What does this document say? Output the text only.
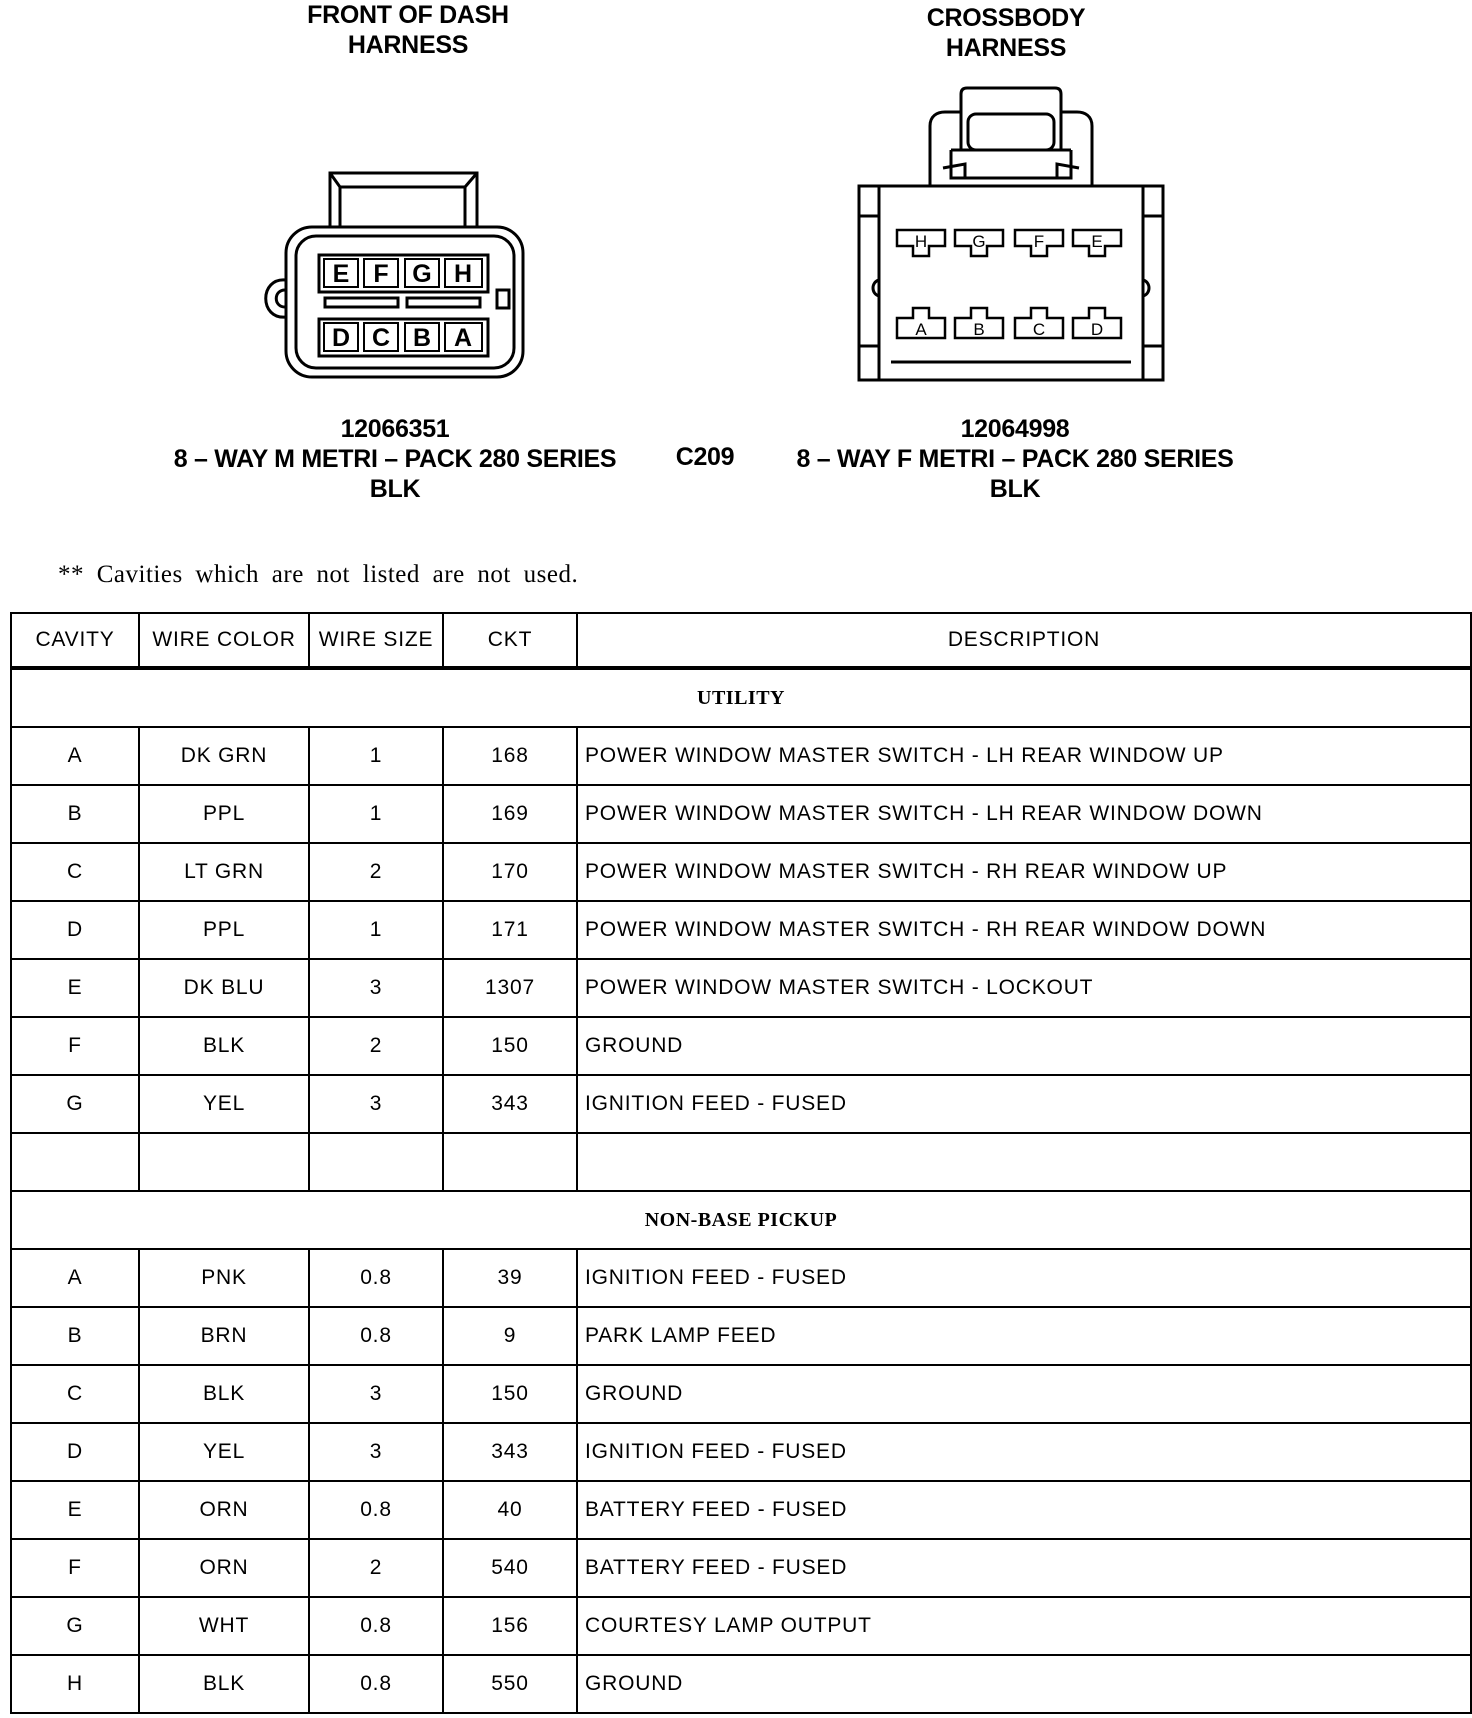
FRONT OF DASH
HARNESS
CROSSBODY
HARNESS
E F G H
D C B A
H	G	F	E
A	B	C	D
12066351
8 – WAY M METRI – PACK 280 SERIES
BLK
C209
12064998
8 – WAY F METRI – PACK 280 SERIES
BLK
** Cavities which are not listed are not used.
CAVITY	WIRE COLOR	WIRE SIZE	CKT	DESCRIPTION
UTILITY				
A	DK GRN	1	168	POWER WINDOW MASTER SWITCH - LH REAR WINDOW UP
B	PPL	1	169	POWER WINDOW MASTER SWITCH - LH REAR WINDOW DOWN
C	LT GRN	2	170	POWER WINDOW MASTER SWITCH - RH REAR WINDOW UP
D	PPL	1	171	POWER WINDOW MASTER SWITCH - RH REAR WINDOW DOWN
E	DK BLU	3	1307	POWER WINDOW MASTER SWITCH - LOCKOUT
F	BLK	2	150	GROUND
G	YEL	3	343	IGNITION FEED - FUSED

NON-BASE PICKUP				
A	PNK	0.8	39	IGNITION FEED - FUSED
B	BRN	0.8	9	PARK LAMP FEED
C	BLK	3	150	GROUND
D	YEL	3	343	IGNITION FEED - FUSED
E	ORN	0.8	40	BATTERY FEED - FUSED
F	ORN	2	540	BATTERY FEED - FUSED
G	WHT	0.8	156	COURTESY LAMP OUTPUT
H	BLK	0.8	550	GROUND
